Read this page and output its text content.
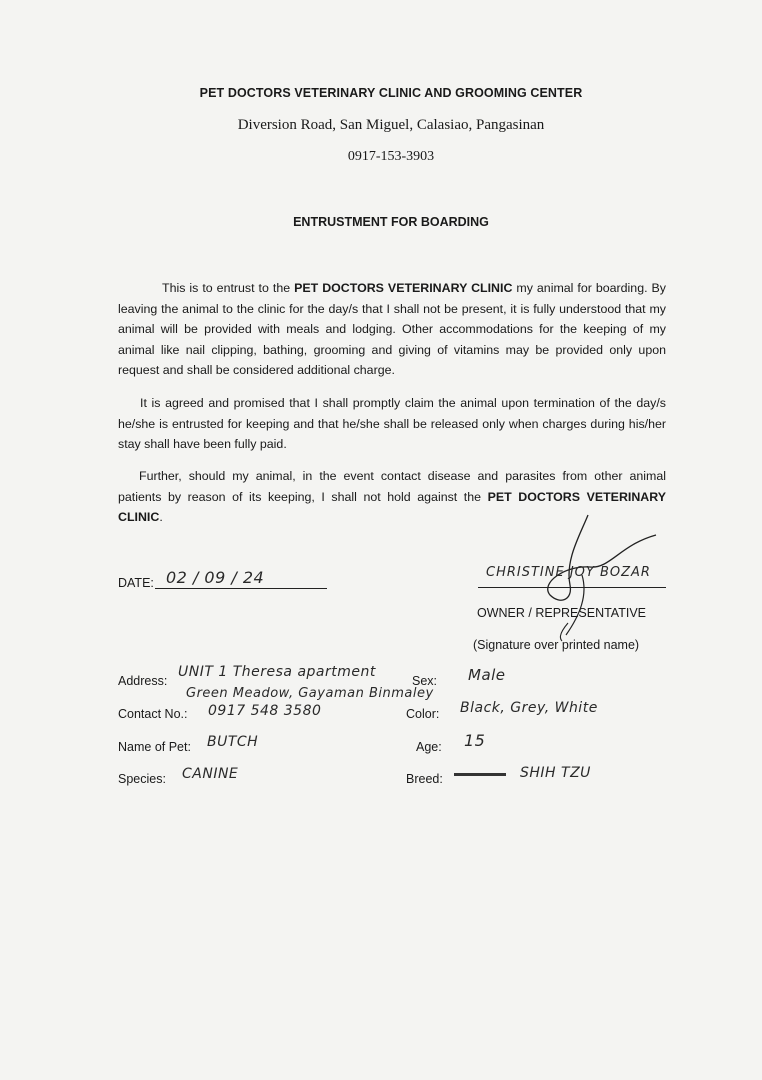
PET DOCTORS VETERINARY CLINIC AND GROOMING CENTER
Diversion Road, San Miguel, Calasiao, Pangasinan
0917-153-3903
ENTRUSTMENT FOR BOARDING
This is to entrust to the PET DOCTORS VETERINARY CLINIC my animal for boarding. By leaving the animal to the clinic for the day/s that I shall not be present, it is fully understood that my animal will be provided with meals and lodging. Other accommodations for the keeping of my animal like nail clipping, bathing, grooming and giving of vitamins may be provided only upon request and shall be considered additional charge.
It is agreed and promised that I shall promptly claim the animal upon termination of the day/s he/she is entrusted for keeping and that he/she shall be released only when charges during his/her stay shall have been fully paid.
Further, should my animal, in the event contact disease and parasites from other animal patients by reason of its keeping, I shall not hold against the PET DOCTORS VETERINARY CLINIC.
DATE: 02 / 09 / 24	CHRISTINE JOY BOZAR
OWNER / REPRESENTATIVE
(Signature over printed name)
Address:
UNIT 1 Theresa apartment
Green Meadow, Gayaman Binmaley
Contact No.: 0917 548 3580
Name of Pet: BUTCH
Species: CANINE
Sex: Male
Color: Black, Grey, White
Age: 15
Breed:	SHIH TZU
